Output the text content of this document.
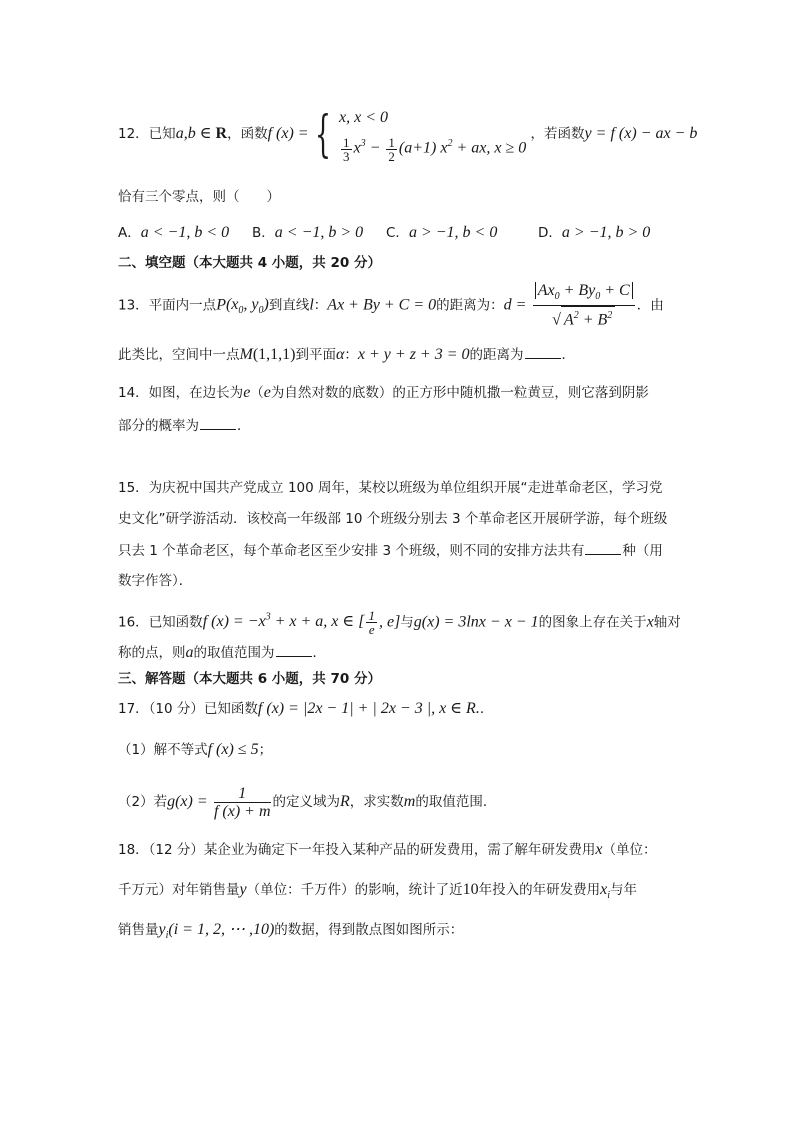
12．已知a,b ∈ R，函数f (x) = { x, x < 0
$\frac{1}{3} x^3 - \frac{1}{2} (a+1) x^2$ + ax, x ≥ 0
，若函数y = f (x) − ax − b
恰有三个零点，则（　　）
A．a < −1, b < 0 B．a < −1, b > 0 C．a > −1, b < 0	D．a > −1, b > 0
二、填空题（本大题共 4 小题，共 20 分）
13．平面内一点$P(x_0$, $y_0$)到直线l：Ax + By + C = 0的距离为：$d = \frac{Ax_0 + By_0 + C}{√ A^2 + B^2}$ ．由
此类比，空间中一点M(1,1,1)到平面α：x + y + z + 3 = 0的距离为	．
14．如图，在边长为e（e为自然对数的底数）的正方形中随机撒一粒黄豆，则它落到阴影
部分的概率为	．
15．为庆祝中国共产党成立 100 周年，某校以班级为单位组织开展“走进革命老区，学习党
史文化”研学游活动．该校高一年级部 10 个班级分别去 3 个革命老区开展研学游，每个班级
只去 1 个革命老区，每个革命老区至少安排 3 个班级，则不同的安排方法共有	种（用
数字作答）．
16．已知函数f $(x) = -x^3 + x + a$, x ∈ [ $\frac{1}{e}$ , e]与g(x) = 3lnx − x − 1的图象上存在关于x轴对
称的点，则a的取值范围为	．
三、解答题（本大题共 6 小题，共 70 分）
17．（10 分）已知函数f (x) = |2x − 1| + | 2x − 3 |, x ∈ R.．
（1）解不等式f (x) ≤ 5；
（2）若$g(x) = \frac{1}{f (x) + m}$ 的定义域为R，求实数m的取值范围．
18．（12 分）某企业为确定下一年投入某种产品的研发费用，需了解年研发费用x（单位：
千万元）对年销售量y（单位：千万件）的影响，统计了近10年投入的年研发费用$x_i$与年
销售量$y_i(i = 1$, 2, ⋯ ,10)的数据，得到散点图如图所示：
